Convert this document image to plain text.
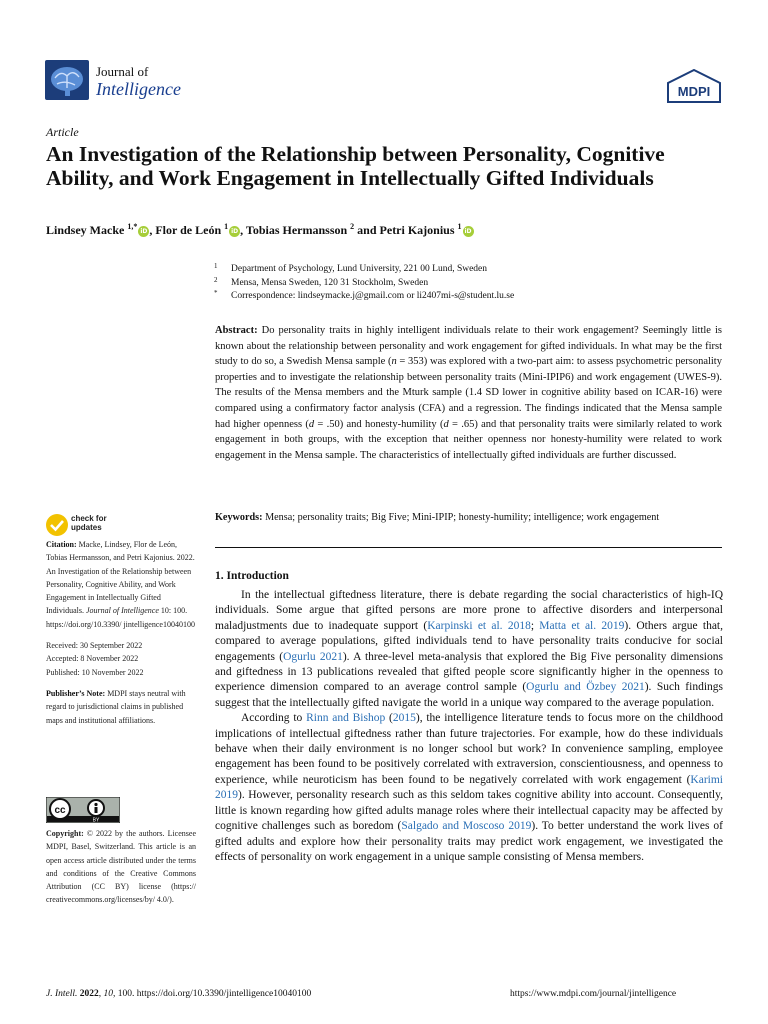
Journal of
Intelligence	MDPI
Article
An Investigation of the Relationship between Personality, Cognitive Ability, and Work Engagement in Intellectually Gifted Individuals
Lindsey Macke $^{1,*}$iD , Flor de León $^1$iD , Tobias Hermansson $^2$ and Petri Kajonius $^1$iD
1 Department of Psychology, Lund University, 221 00 Lund, Sweden
2 Mensa, Mensa Sweden, 120 31 Stockholm, Sweden
* Correspondence: lindseymacke.j@gmail.com or li2407mi-s@student.lu.se
Abstract: Do personality traits in highly intelligent individuals relate to their work engagement? Seemingly little is known about the relationship between personality and work engagement for gifted individuals. In what may be the first study to do so, a Swedish Mensa sample (n = 353) was explored with a two-part aim: to assess psychometric personality properties and to investigate the relationship between personality traits (Mini-IPIP6) and work engagement (UWES-9). The results of the Mensa members and the Mturk sample (1.4 SD lower in cognitive ability based on ICAR-16) were compared using a confirmatory factor analysis (CFA) and a regression. The findings indicated that the Mensa sample had higher openness (d = .50) and honesty-humility (d = .65) and that personality traits were similarly related to work engagement in both groups, with the exception that neither openness nor honesty-humility were related to work engagement in the Mensa sample. The characteristics of intellectually gifted individuals are further discussed.
Keywords: Mensa; personality traits; Big Five; Mini-IPIP; honesty-humility; intelligence; work engagement
check for
updates
Citation: Macke, Lindsey, Flor de León, Tobias Hermansson, and Petri Kajonius. 2022. An Investigation of the Relationship between Personality, Cognitive Ability, and Work Engagement in Intellectually Gifted Individuals. Journal of Intelligence 10: 100. https://doi.org/10.3390/ jintelligence10040100
Received: 30 September 2022
Accepted: 8 November 2022
Published: 10 November 2022
Publisher’s Note: MDPI stays neutral with regard to jurisdictional claims in published maps and institutional affiliations.
cc
BY
Copyright: © 2022 by the authors. Licensee MDPI, Basel, Switzerland. This article is an open access article distributed under the terms and conditions of the Creative Commons Attribution (CC BY) license (https:// creativecommons.org/licenses/by/ 4.0/).
1. Introduction

In the intellectual giftedness literature, there is debate regarding the social characteristics of high-IQ individuals. Some argue that gifted persons are more prone to affective disorders and interpersonal maladjustments due to inadequate support (Karpinski et al. 2018; Matta et al. 2019). Others argue that, compared to average populations, gifted individuals tend to have personality traits conducive for social engagements (Ogurlu 2021). A three-level meta-analysis that explored the Big Five personality dimensions and giftedness in 13 publications revealed that gifted people score significantly higher in the openness to experience dimension compared to an average control sample (Ogurlu and Özbey 2021). Such findings suggest that the intellectually gifted navigate the world in a unique way compared to the average population.

According to Rinn and Bishop (2015), the intelligence literature tends to focus more on the childhood implications of intellectual giftedness rather than future trajectories. For example, how do these individuals behave when their daily environment is no longer school but work? In convenience sampling, employee engagement has been found to be positively correlated with extraversion, conscientiousness, and openness to experience, while neuroticism has been found to be negatively correlated with work engagement (Karimi 2019). However, personality research such as this seldom takes cognitive ability into account. Consequently, little is known regarding how gifted adults manage roles where their intellectual capacity may be affected by cognitive challenges such as boredom (Salgado and Moscoso 2019). To better understand the work lives of gifted adults and explore how their personality traits may predict work engagement, we investigated the effects of personality on work engagement in a unique sample consisting of Mensa members.

J. Intell. 2022, 10, 100. https://doi.org/10.3390/jintelligence10040100	https://www.mdpi.com/journal/jintelligence
